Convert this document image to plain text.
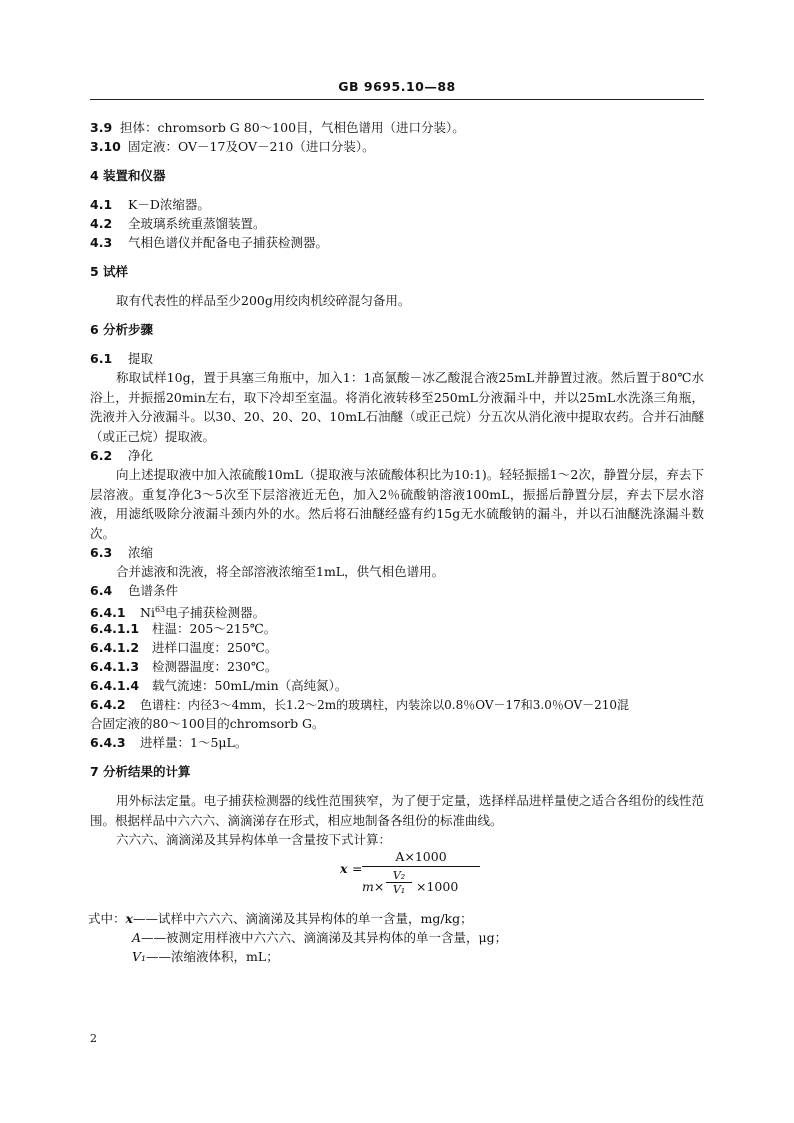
GB 9695.10—88
3.9 担体：chromsorb G 80～100目，气相色谱用（进口分装）。
3.10 固定液：OV－17及OV－210（进口分装）。
4 装置和仪器
4.1 K－D浓缩器。
4.2 全玻璃系统重蒸馏装置。
4.3 气相色谱仪并配备电子捕获检测器。
5 试样
取有代表性的样品至少200g用绞肉机绞碎混匀备用。
6 分析步骤
6.1 提取

称取试样10g，置于具塞三角瓶中，加入1：1高氯酸－冰乙酸混合液25mL并静置过液。然后置于80℃水浴上，并振摇20min左右，取下冷却至室温。将消化液转移至250mL分液漏斗中，并以25mL水洗涤三角瓶，洗液并入分液漏斗。以30、20、20、20、10mL石油醚（或正己烷）分五次从消化液中提取农药。合并石油醚（或正己烷）提取液。

6.2 净化

向上述提取液中加入浓硫酸10mL（提取液与浓硫酸体积比为10:1)。轻轻振摇1～2次，静置分层，弃去下层溶液。重复净化3～5次至下层溶液近无色，加入2％硫酸钠溶液100mL，振摇后静置分层，弃去下层水溶液，用滤纸吸除分液漏斗颈内外的水。然后将石油醚经盛有约15g无水硫酸钠的漏斗，并以石油醚洗涤漏斗数次。

6.3 浓缩
合并滤液和洗液，将全部溶液浓缩至1mL，供气相色谱用。
6.4 色谱条件
6.4.1 Ni$^{63}$电子捕获检测器。
6.4.1.1 柱温：205～215℃。
6.4.1.2 进样口温度：250℃。
6.4.1.3 检测器温度：230℃。
6.4.1.4 载气流速：50mL/min（高纯氮）。
6.4.2 色谱柱：内径3～4mm，长1.2～2m的玻璃柱，内装涂以0.8％OV－17和3.0％OV－210混
合固定液的80～100目的chromsorb G。
6.4.3 进样量：1～5μL。
7 分析结果的计算

用外标法定量。电子捕获检测器的线性范围狭窄，为了便于定量，选择样品进样量使之适合各组份的线性范围。根据样品中六六六、滴滴涕存在形式，相应地制备各组份的标准曲线。

六六六、滴滴涕及其异构体单一含量按下式计算：
x =
A×1000
m×
V₂
V₁ ×1000
式中：x——试样中六六六、滴滴涕及其异构体的单一含量，mg/kg；
A——被测定用样液中六六六、滴滴涕及其异构体的单一含量，μg；
V₁——浓缩液体积，mL；
2
